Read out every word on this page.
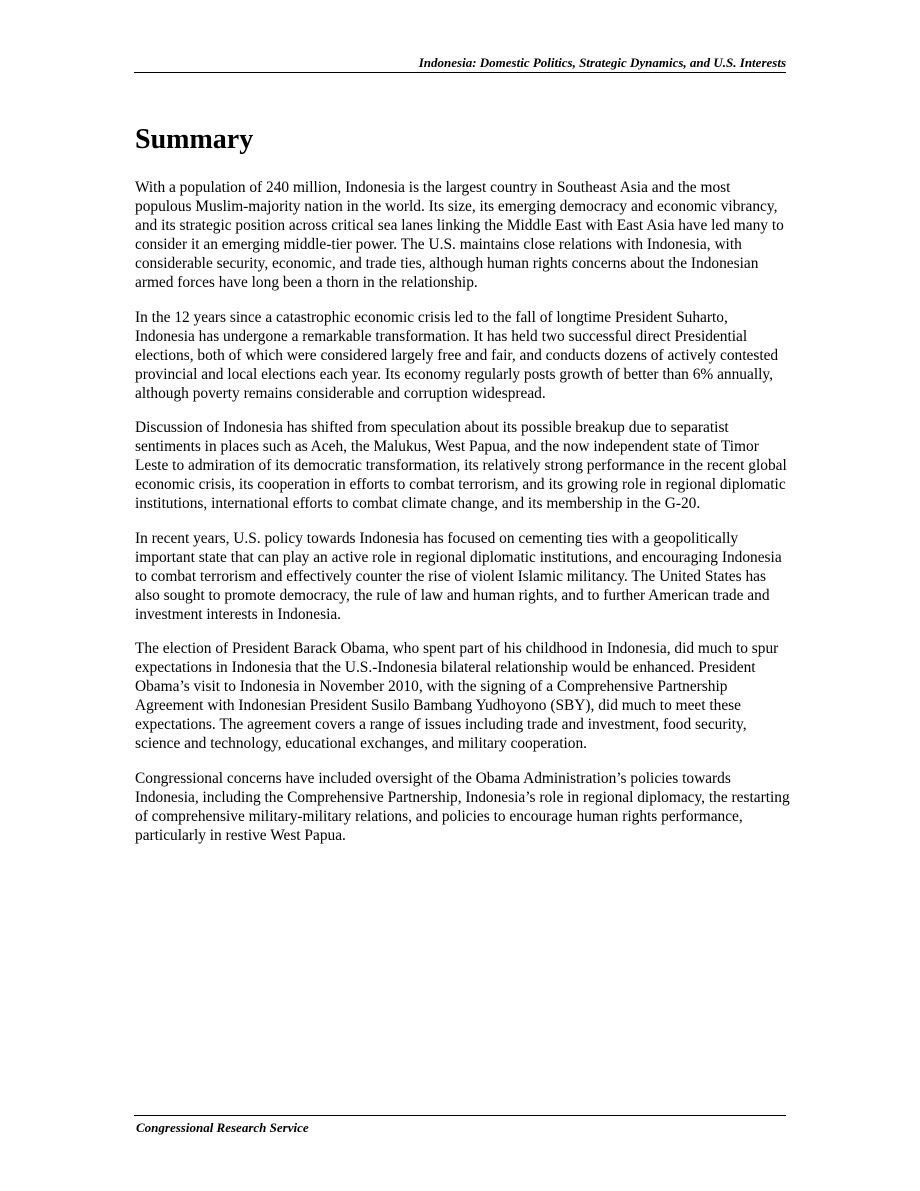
Indonesia: Domestic Politics, Strategic Dynamics, and U.S. Interests
Summary

With a population of 240 million, Indonesia is the largest country in Southeast Asia and the most populous Muslim-majority nation in the world. Its size, its emerging democracy and economic vibrancy, and its strategic position across critical sea lanes linking the Middle East with East Asia have led many to consider it an emerging middle-tier power. The U.S. maintains close relations with Indonesia, with considerable security, economic, and trade ties, although human rights concerns about the Indonesian armed forces have long been a thorn in the relationship.

In the 12 years since a catastrophic economic crisis led to the fall of longtime President Suharto, Indonesia has undergone a remarkable transformation. It has held two successful direct Presidential elections, both of which were considered largely free and fair, and conducts dozens of actively contested provincial and local elections each year. Its economy regularly posts growth of better than 6% annually, although poverty remains considerable and corruption widespread.

Discussion of Indonesia has shifted from speculation about its possible breakup due to separatist sentiments in places such as Aceh, the Malukus, West Papua, and the now independent state of Timor Leste to admiration of its democratic transformation, its relatively strong performance in the recent global economic crisis, its cooperation in efforts to combat terrorism, and its growing role in regional diplomatic institutions, international efforts to combat climate change, and its membership in the G-20.

In recent years, U.S. policy towards Indonesia has focused on cementing ties with a geopolitically important state that can play an active role in regional diplomatic institutions, and encouraging Indonesia to combat terrorism and effectively counter the rise of violent Islamic militancy. The United States has also sought to promote democracy, the rule of law and human rights, and to further American trade and investment interests in Indonesia.

The election of President Barack Obama, who spent part of his childhood in Indonesia, did much to spur expectations in Indonesia that the U.S.-Indonesia bilateral relationship would be enhanced. President Obama’s visit to Indonesia in November 2010, with the signing of a Comprehensive Partnership Agreement with Indonesian President Susilo Bambang Yudhoyono (SBY), did much to meet these expectations. The agreement covers a range of issues including trade and investment, food security, science and technology, educational exchanges, and military cooperation.

Congressional concerns have included oversight of the Obama Administration’s policies towards Indonesia, including the Comprehensive Partnership, Indonesia’s role in regional diplomacy, the restarting of comprehensive military-military relations, and policies to encourage human rights performance, particularly in restive West Papua.

Congressional Research Service
